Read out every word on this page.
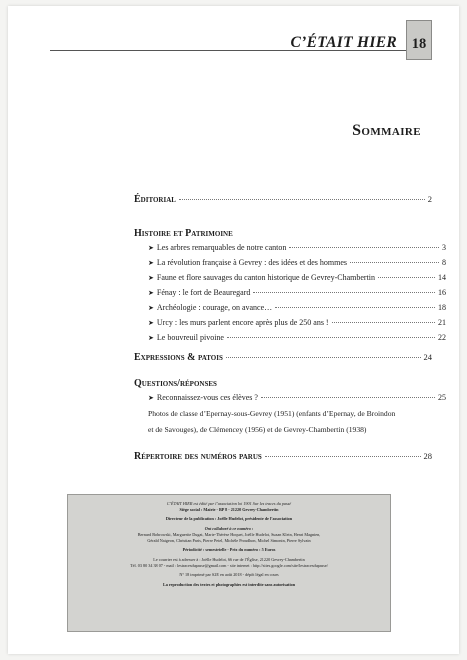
C’ÉTAIT HIER	18
Sommaire
Éditorial	2
Histoire et Patrimoine
➤ Les arbres remarquables de notre canton	3
➤ La révolution française à Gevrey : des idées et des hommes	8
➤ Faune et flore sauvages du canton historique de Gevrey-Chambertin	14
➤ Fénay : le fort de Beauregard	16
➤ Archéologie : courage, on avance…	18
➤ Urcy : les murs parlent encore après plus de 250 ans !	21
➤ Le bouvreuil pivoine	22
Expressions & patois	24
Questions/réponses
➤ Reconnaissez-vous ces élèves ?	25
Photos de classe d’Epernay-sous-Gevrey (1951) (enfants d’Epernay, de Broindon
et de Savouges), de Clémencey (1956) et de Gevrey-Chambertin (1938)
Répertoire des numéros parus	28

C’ÉTAIT HIER est édité par l’association loi 1901 Sur les traces du passé
Siège social : Mairie - BP 8 - 21220 Gevrey-Chambertin

Directeur de la publication : Joëlle Hudelot, présidente de l’association

Ont collaboré à ce numéro :
Bernard Bobrowski, Marguerite Dugat, Marie-Thérèse Hoquet, Joëlle Hudelot, Suzan Klein, Henri Magnien,
Gérald Naigeon, Christian Paris, Pierre Petel, Michèle Proudhon, Michel Simonin, Pierre Sylvain

Périodicité : semestrielle - Prix du numéro : 5 Euros

Le courrier est à adresser à : Joëlle Hudelot, 66 rue de l’Église, 21220 Gevrey-Chambertin
Tél. 03 80 34 38 07 - mail : lestracesdupasse@gmail.com - site internet : http://sites.google.com/site/lestracesdupasse/

N° 18 imprimé par S2E en août 2018 - dépôt légal en cours

La reproduction des textes et photographies est interdite sans autorisation
